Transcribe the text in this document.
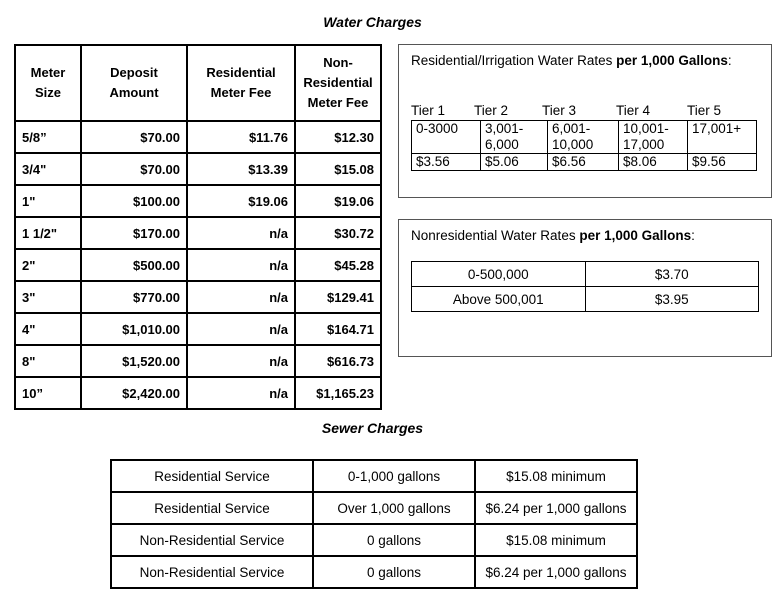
Water Charges
Meter Size	Deposit Amount	Residential Meter Fee	Non-Residential Meter Fee
5/8”	$70.00	$11.76	$12.30
3/4"	$70.00	$13.39	$15.08
1"	$100.00	$19.06	$19.06
1 1/2"	$170.00	n/a	$30.72
2"	$500.00	n/a	$45.28
3"	$770.00	n/a	$129.41
4"	$1,010.00	n/a	$164.71
8"	$1,520.00	n/a	$616.73
10”	$2,420.00	n/a	$1,165.23
Residential/Irrigation Water Rates per 1,000 Gallons:
Tier 1 Tier 2	Tier 3	Tier 4	Tier 5
0-3000	3,001-6,000	6,001-10,000	10,001-17,000	17,001+
$3.56	$5.06	$6.56	$8.06	$9.56
Nonresidential Water Rates per 1,000 Gallons:
0-500,000	$3.70
Above 500,001	$3.95
Sewer Charges
Residential Service	0-1,000 gallons	$15.08 minimum
Residential Service	Over 1,000 gallons	$6.24 per 1,000 gallons
Non-Residential Service	0 gallons	$15.08 minimum
Non-Residential Service	0 gallons	$6.24 per 1,000 gallons
